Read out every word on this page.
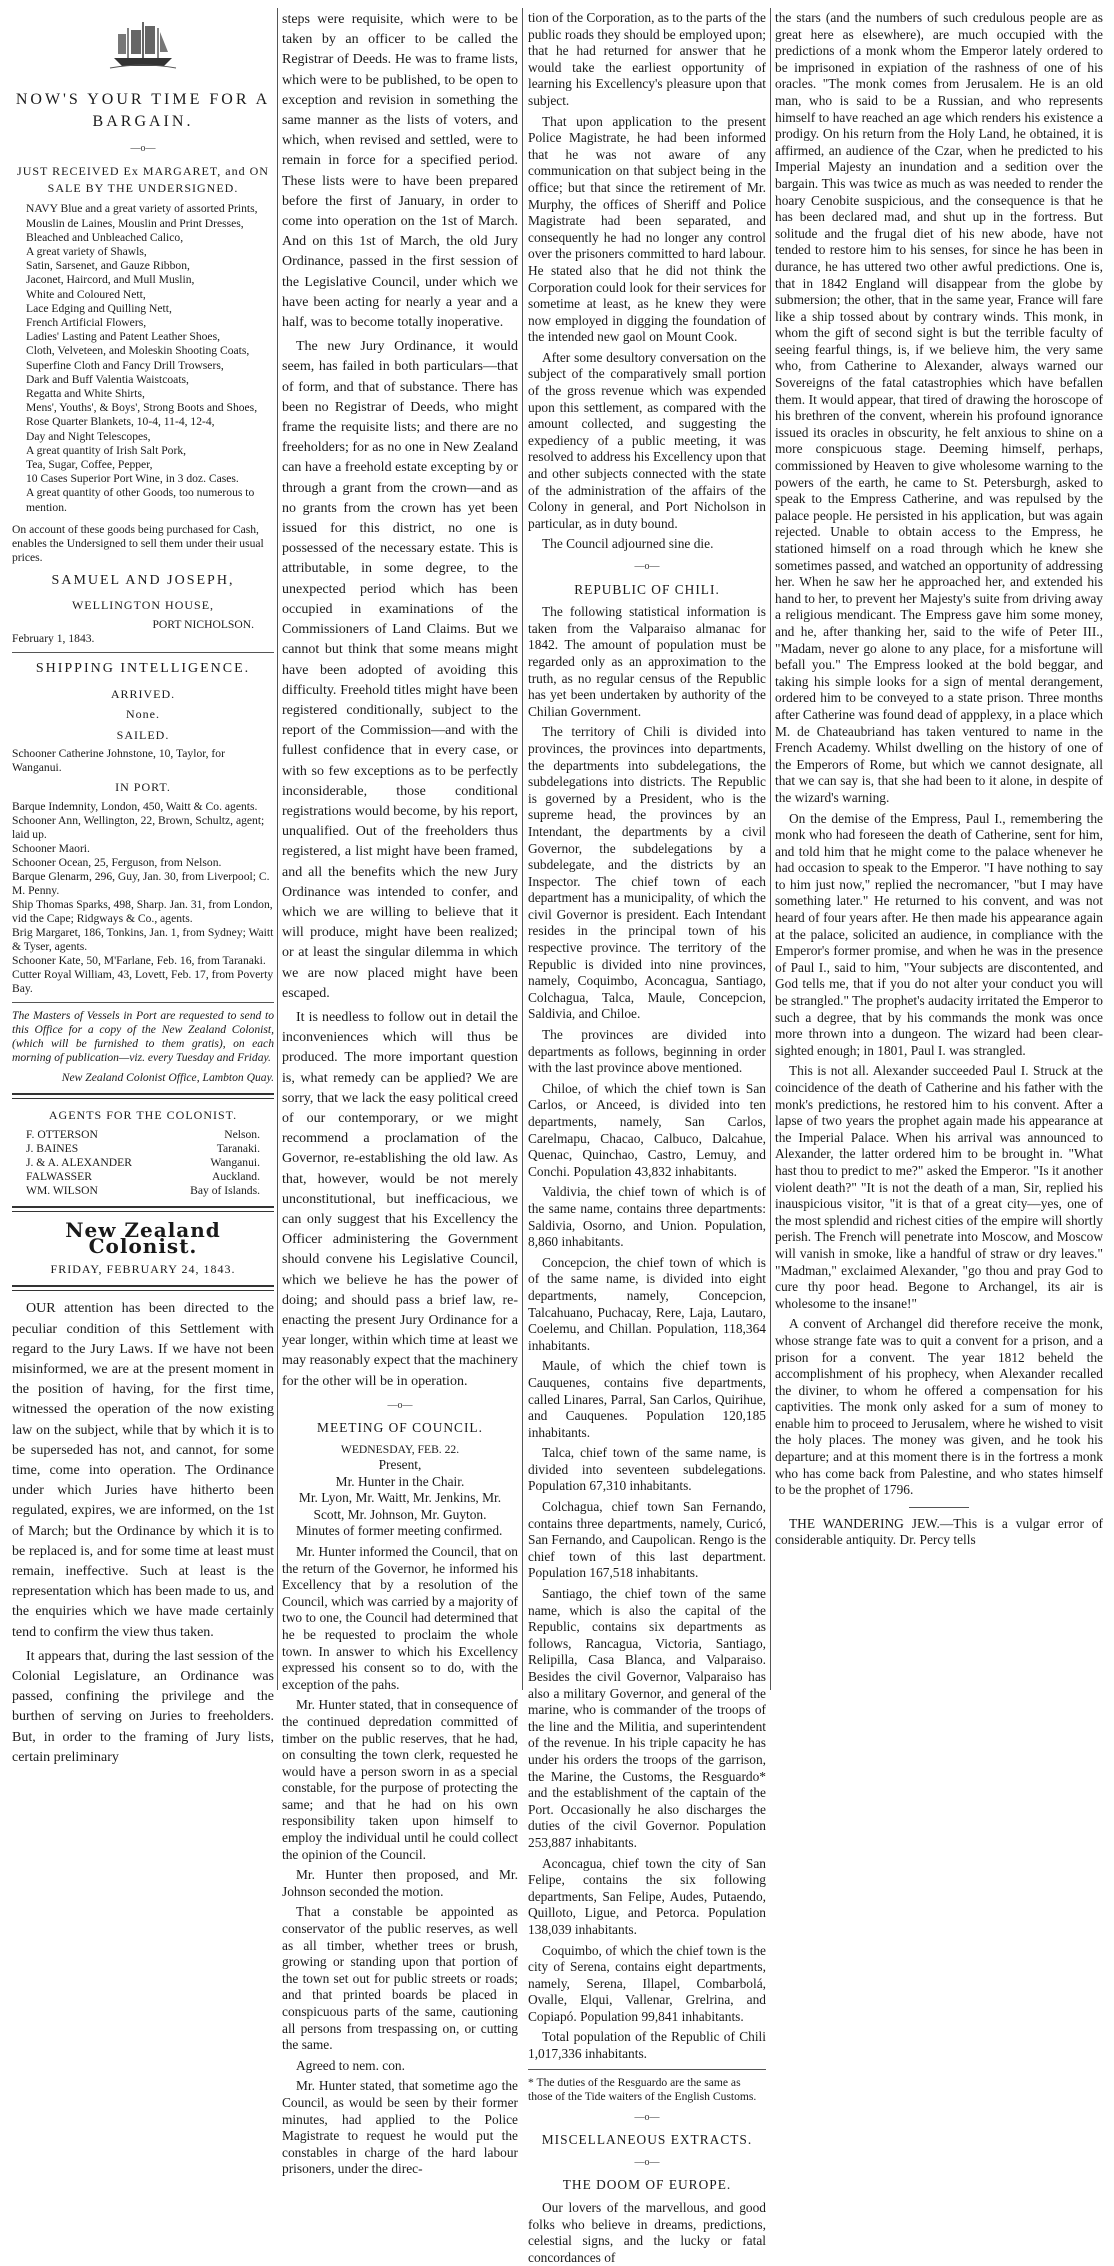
NOW'S YOUR TIME FOR A BARGAIN.
—o—
JUST RECEIVED Ex MARGARET, and ON SALE BY THE UNDERSIGNED.
NAVY Blue and a great variety of assorted Prints,
Mouslin de Laines, Mouslin and Print Dresses,
Bleached and Unbleached Calico,
A great variety of Shawls,
Satin, Sarsenet, and Gauze Ribbon,
Jaconet, Haircord, and Mull Muslin,
White and Coloured Nett,
Lace Edging and Quilling Nett,
French Artificial Flowers,
Ladies' Lasting and Patent Leather Shoes,
Cloth, Velveteen, and Moleskin Shooting Coats,
Superfine Cloth and Fancy Drill Trowsers,
Dark and Buff Valentia Waistcoats,
Regatta and White Shirts,
Mens', Youths', & Boys', Strong Boots and Shoes,
Rose Quarter Blankets, 10-4, 11-4, 12-4,
Day and Night Telescopes,
A great quantity of Irish Salt Pork,
Tea, Sugar, Coffee, Pepper,
10 Cases Superior Port Wine, in 3 doz. Cases.
A great quantity of other Goods, too numerous to mention.
On account of these goods being purchased for Cash, enables the Undersigned to sell them under their usual prices.
SAMUEL AND JOSEPH,
WELLINGTON HOUSE,
PORT NICHOLSON.
February 1, 1843.
SHIPPING INTELLIGENCE.
ARRIVED.
None.
SAILED.
Schooner Catherine Johnstone, 10, Taylor, for Wanganui.
IN PORT.
Barque Indemnity, London, 450, Waitt & Co. agents.
Schooner Ann, Wellington, 22, Brown, Schultz, agent; laid up.
Schooner Maori.
Schooner Ocean, 25, Ferguson, from Nelson.
Barque Glenarm, 296, Guy, Jan. 30, from Liverpool; C. M. Penny.
Ship Thomas Sparks, 498, Sharp. Jan. 31, from London, vid the Cape; Ridgways & Co., agents.
Brig Margaret, 186, Tonkins, Jan. 1, from Sydney; Waitt & Tyser, agents.
Schooner Kate, 50, M'Farlane, Feb. 16, from Taranaki.
Cutter Royal William, 43, Lovett, Feb. 17, from Poverty Bay.
The Masters of Vessels in Port are requested to send to this Office for a copy of the New Zealand Colonist, (which will be furnished to them gratis), on each morning of publication—viz. every Tuesday and Friday.
New Zealand Colonist Office, Lambton Quay.
AGENTS FOR THE COLONIST.
F. OTTERSON	Nelson.
J. BAINES	Taranaki.
J. & A. ALEXANDER	Wanganui.
FALWASSER	Auckland.
WM. WILSON	Bay of Islands.
New Zealand Colonist.
FRIDAY, FEBRUARY 24, 1843.

OUR attention has been directed to the peculiar condition of this Settlement with regard to the Jury Laws. If we have not been misinformed, we are at the present moment in the position of having, for the first time, witnessed the operation of the now existing law on the subject, while that by which it is to be superseded has not, and cannot, for some time, come into operation. The Ordinance under which Juries have hitherto been regulated, expires, we are informed, on the 1st of March; but the Ordinance by which it is to be replaced is, and for some time at least must remain, ineffective. Such at least is the representation which has been made to us, and the enquiries which we have made certainly tend to confirm the view thus taken.

It appears that, during the last session of the Colonial Legislature, an Ordinance was passed, confining the privilege and the burthen of serving on Juries to freeholders. But, in order to the framing of Jury lists, certain preliminary

steps were requisite, which were to be taken by an officer to be called the Registrar of Deeds. He was to frame lists, which were to be published, to be open to exception and revision in something the same manner as the lists of voters, and which, when revised and settled, were to remain in force for a specified period. These lists were to have been prepared before the first of January, in order to come into operation on the 1st of March. And on this 1st of March, the old Jury Ordinance, passed in the first session of the Legislative Council, under which we have been acting for nearly a year and a half, was to become totally inoperative.

The new Jury Ordinance, it would seem, has failed in both particulars—that of form, and that of substance. There has been no Registrar of Deeds, who might frame the requisite lists; and there are no freeholders; for as no one in New Zealand can have a freehold estate excepting by or through a grant from the crown—and as no grants from the crown has yet been issued for this district, no one is possessed of the necessary estate. This is attributable, in some degree, to the unexpected period which has been occupied in examinations of the Commissioners of Land Claims. But we cannot but think that some means might have been adopted of avoiding this difficulty. Freehold titles might have been registered conditionally, subject to the report of the Commission—and with the fullest confidence that in every case, or with so few exceptions as to be perfectly inconsiderable, those conditional registrations would become, by his report, unqualified. Out of the freeholders thus registered, a list might have been framed, and all the benefits which the new Jury Ordinance was intended to confer, and which we are willing to believe that it will produce, might have been realized; or at least the singular dilemma in which we are now placed might have been escaped.

It is needless to follow out in detail the inconveniences which will thus be produced. The more important question is, what remedy can be applied? We are sorry, that we lack the easy political creed of our contemporary, or we might recommend a proclamation of the Governor, re-establishing the old law. As that, however, would be not merely unconstitutional, but inefficacious, we can only suggest that his Excellency the Officer administering the Government should convene his Legislative Council, which we believe he has the power of doing; and should pass a brief law, re-enacting the present Jury Ordinance for a year longer, within which time at least we may reasonably expect that the machinery for the other will be in operation.

—o—
MEETING OF COUNCIL.
WEDNESDAY, FEB. 22.
Present,
Mr. Hunter in the Chair.
Mr. Lyon, Mr. Waitt, Mr. Jenkins, Mr. Scott, Mr. Johnson, Mr. Guyton.

Minutes of former meeting confirmed.

Mr. Hunter informed the Council, that on the return of the Governor, he informed his Excellency that by a resolution of the Council, which was carried by a majority of two to one, the Council had determined that he be requested to proclaim the whole town. In answer to which his Excellency expressed his consent so to do, with the exception of the pahs.

Mr. Hunter stated, that in consequence of the continued depredation committed of timber on the public reserves, that he had, on consulting the town clerk, requested he would have a person sworn in as a special constable, for the purpose of protecting the same; and that he had on his own responsibility taken upon himself to employ the individual until he could collect the opinion of the Council.

Mr. Hunter then proposed, and Mr. Johnson seconded the motion.

That a constable be appointed as conservator of the public reserves, as well as all timber, whether trees or brush, growing or standing upon that portion of the town set out for public streets or roads; and that printed boards be placed in conspicuous parts of the same, cautioning all persons from trespassing on, or cutting the same.

Agreed to nem. con.

Mr. Hunter stated, that sometime ago the Council, as would be seen by their former minutes, had applied to the Police Magistrate to request he would put the constables in charge of the hard labour prisoners, under the direc-

tion of the Corporation, as to the parts of the public roads they should be employed upon; that he had returned for answer that he would take the earliest opportunity of learning his Excellency's pleasure upon that subject.

That upon application to the present Police Magistrate, he had been informed that he was not aware of any communication on that subject being in the office; but that since the retirement of Mr. Murphy, the offices of Sheriff and Police Magistrate had been separated, and consequently he had no longer any control over the prisoners committed to hard labour. He stated also that he did not think the Corporation could look for their services for sometime at least, as he knew they were now employed in digging the foundation of the intended new gaol on Mount Cook.

After some desultory conversation on the subject of the comparatively small portion of the gross revenue which was expended upon this settlement, as compared with the amount collected, and suggesting the expediency of a public meeting, it was resolved to address his Excellency upon that and other subjects connected with the state of the administration of the affairs of the Colony in general, and Port Nicholson in particular, as in duty bound.

The Council adjourned sine die.

—o—
REPUBLIC OF CHILI.

The following statistical information is taken from the Valparaiso almanac for 1842. The amount of population must be regarded only as an approximation to the truth, as no regular census of the Republic has yet been undertaken by authority of the Chilian Government.

The territory of Chili is divided into provinces, the provinces into departments, the departments into subdelegations, the subdelegations into districts. The Republic is governed by a President, who is the supreme head, the provinces by an Intendant, the departments by a civil Governor, the subdelegations by a subdelegate, and the districts by an Inspector. The chief town of each department has a municipality, of which the civil Governor is president. Each Intendant resides in the principal town of his respective province. The territory of the Republic is divided into nine provinces, namely, Coquimbo, Aconcagua, Santiago, Colchagua, Talca, Maule, Concepcion, Saldivia, and Chiloe.

The provinces are divided into departments as follows, beginning in order with the last province above mentioned.

Chiloe, of which the chief town is San Carlos, or Anceed, is divided into ten departments, namely, San Carlos, Carelmapu, Chacao, Calbuco, Dalcahue, Quenac, Quinchao, Castro, Lemuy, and Conchi. Population 43,832 inhabitants.

Valdivia, the chief town of which is of the same name, contains three departments: Saldivia, Osorno, and Union. Population, 8,860 inhabitants.

Concepcion, the chief town of which is of the same name, is divided into eight departments, namely, Concepcion, Talcahuano, Puchacay, Rere, Laja, Lautaro, Coelemu, and Chillan. Population, 118,364 inhabitants.

Maule, of which the chief town is Cauquenes, contains five departments, called Linares, Parral, San Carlos, Quirihue, and Cauquenes. Population 120,185 inhabitants.

Talca, chief town of the same name, is divided into seventeen subdelegations. Population 67,310 inhabitants.

Colchagua, chief town San Fernando, contains three departments, namely, Curicó, San Fernando, and Caupolican. Rengo is the chief town of this last department. Population 167,518 inhabitants.

Santiago, the chief town of the same name, which is also the capital of the Republic, contains six departments as follows, Rancagua, Victoria, Santiago, Relipilla, Casa Blanca, and Valparaiso. Besides the civil Governor, Valparaiso has also a military Governor, and general of the marine, who is commander of the troops of the line and the Militia, and superintendent of the revenue. In his triple capacity he has under his orders the troops of the garrison, the Marine, the Customs, the Resguardo* and the establishment of the captain of the Port. Occasionally he also discharges the duties of the civil Governor. Population 253,887 inhabitants.

Aconcagua, chief town the city of San Felipe, contains the six following departments, San Felipe, Audes, Putaendo, Quilloto, Ligue, and Petorca. Population 138,039 inhabitants.

Coquimbo, of which the chief town is the city of Serena, contains eight departments, namely, Serena, Illapel, Combarbolá, Ovalle, Elqui, Vallenar, Grelrina, and Copiapó. Population 99,841 inhabitants.

Total population of the Republic of Chili 1,017,336 inhabitants.

* The duties of the Resguardo are the same as those of the Tide waiters of the English Customs.
—o—
MISCELLANEOUS EXTRACTS.
—o—
THE DOOM OF EUROPE.

Our lovers of the marvellous, and good folks who believe in dreams, predictions, celestial signs, and the lucky or fatal concordances of

the stars (and the numbers of such credulous people are as great here as elsewhere), are much occupied with the predictions of a monk whom the Emperor lately ordered to be imprisoned in expiation of the rashness of one of his oracles. "The monk comes from Jerusalem. He is an old man, who is said to be a Russian, and who represents himself to have reached an age which renders his existence a prodigy. On his return from the Holy Land, he obtained, it is affirmed, an audience of the Czar, when he predicted to his Imperial Majesty an inundation and a sedition over the bargain. This was twice as much as was needed to render the hoary Cenobite suspicious, and the consequence is that he has been declared mad, and shut up in the fortress. But solitude and the frugal diet of his new abode, have not tended to restore him to his senses, for since he has been in durance, he has uttered two other awful predictions. One is, that in 1842 England will disappear from the globe by submersion; the other, that in the same year, France will fare like a ship tossed about by contrary winds. This monk, in whom the gift of second sight is but the terrible faculty of seeing fearful things, is, if we believe him, the very same who, from Catherine to Alexander, always warned our Sovereigns of the fatal catastrophies which have befallen them. It would appear, that tired of drawing the horoscope of his brethren of the convent, wherein his profound ignorance issued its oracles in obscurity, he felt anxious to shine on a more conspicuous stage. Deeming himself, perhaps, commissioned by Heaven to give wholesome warning to the powers of the earth, he came to St. Petersburgh, asked to speak to the Empress Catherine, and was repulsed by the palace people. He persisted in his application, but was again rejected. Unable to obtain access to the Empress, he stationed himself on a road through which he knew she sometimes passed, and watched an opportunity of addressing her. When he saw her he approached her, and extended his hand to her, to prevent her Majesty's suite from driving away a religious mendicant. The Empress gave him some money, and he, after thanking her, said to the wife of Peter III., "Madam, never go alone to any place, for a misfortune will befall you." The Empress looked at the bold beggar, and taking his simple looks for a sign of mental derangement, ordered him to be conveyed to a state prison. Three months after Catherine was found dead of appplexy, in a place which M. de Chateaubriand has taken ventured to name in the French Academy. Whilst dwelling on the history of one of the Emperors of Rome, but which we cannot designate, all that we can say is, that she had been to it alone, in despite of the wizard's warning.

On the demise of the Empress, Paul I., remembering the monk who had foreseen the death of Catherine, sent for him, and told him that he might come to the palace whenever he had occasion to speak to the Emperor. "I have nothing to say to him just now," replied the necromancer, "but I may have something later." He returned to his convent, and was not heard of four years after. He then made his appearance again at the palace, solicited an audience, in compliance with the Emperor's former promise, and when he was in the presence of Paul I., said to him, "Your subjects are discontented, and God tells me, that if you do not alter your conduct you will be strangled." The prophet's audacity irritated the Emperor to such a degree, that by his commands the monk was once more thrown into a dungeon. The wizard had been clear-sighted enough; in 1801, Paul I. was strangled.

This is not all. Alexander succeeded Paul I. Struck at the coincidence of the death of Catherine and his father with the monk's predictions, he restored him to his convent. After a lapse of two years the prophet again made his appearance at the Imperial Palace. When his arrival was announced to Alexander, the latter ordered him to be brought in. "What hast thou to predict to me?" asked the Emperor. "Is it another violent death?" "It is not the death of a man, Sir, replied his inauspicious visitor, "it is that of a great city—yes, one of the most splendid and richest cities of the empire will shortly perish. The French will penetrate into Moscow, and Moscow will vanish in smoke, like a handful of straw or dry leaves." "Madman," exclaimed Alexander, "go thou and pray God to cure thy poor head. Begone to Archangel, its air is wholesome to the insane!"

A convent of Archangel did therefore receive the monk, whose strange fate was to quit a convent for a prison, and a prison for a convent. The year 1812 beheld the accomplishment of his prophecy, when Alexander recalled the diviner, to whom he offered a compensation for his captivities. The monk only asked for a sum of money to enable him to proceed to Jerusalem, where he wished to visit the holy places. The money was given, and he took his departure; and at this moment there is in the fortress a monk who has come back from Palestine, and who states himself to be the prophet of 1796.

THE WANDERING JEW.—This is a vulgar error of considerable antiquity. Dr. Percy tells
